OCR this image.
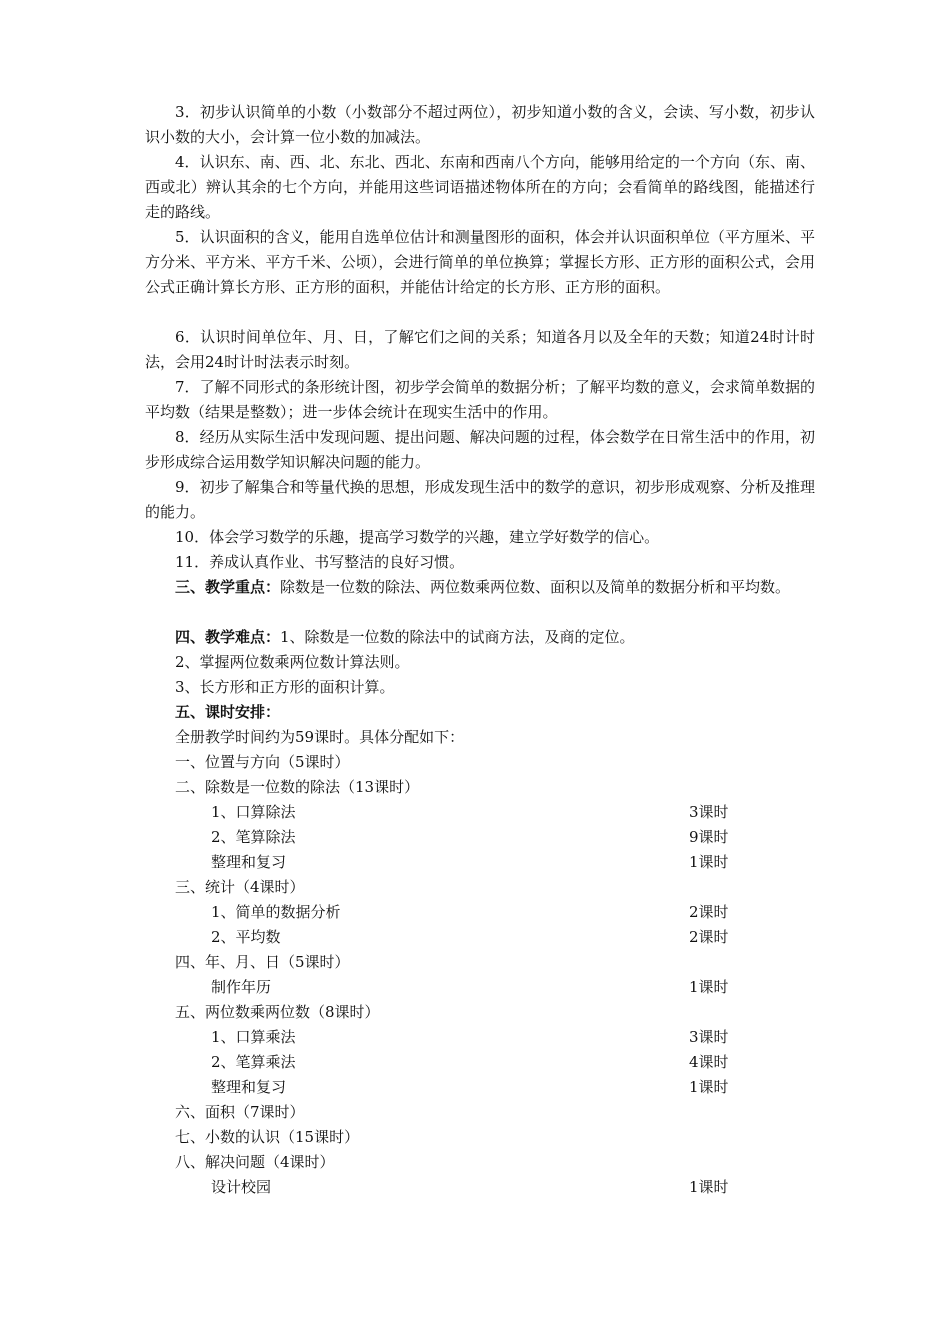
3．初步认识简单的小数（小数部分不超过两位），初步知道小数的含义，会读、写小数，初步认识小数的大小，会计算一位小数的加减法。

4．认识东、南、西、北、东北、西北、东南和西南八个方向，能够用给定的一个方向（东、南、西或北）辨认其余的七个方向，并能用这些词语描述物体所在的方向；会看简单的路线图，能描述行走的路线。

5．认识面积的含义，能用自选单位估计和测量图形的面积，体会并认识面积单位（平方厘米、平方分米、平方米、平方千米、公顷），会进行简单的单位换算；掌握长方形、正方形的面积公式，会用公式正确计算长方形、正方形的面积，并能估计给定的长方形、正方形的面积。

6．认识时间单位年、月、日，了解它们之间的关系；知道各月以及全年的天数；知道24时计时法，会用24时计时法表示时刻。

7．了解不同形式的条形统计图，初步学会简单的数据分析；了解平均数的意义，会求简单数据的平均数（结果是整数）；进一步体会统计在现实生活中的作用。

8．经历从实际生活中发现问题、提出问题、解决问题的过程，体会数学在日常生活中的作用，初步形成综合运用数学知识解决问题的能力。

9．初步了解集合和等量代换的思想，形成发现生活中的数学的意识，初步形成观察、分析及推理的能力。

10．体会学习数学的乐趣，提高学习数学的兴趣，建立学好数学的信心。

11．养成认真作业、书写整洁的良好习惯。

三、教学重点：除数是一位数的除法、两位数乘两位数、面积以及简单的数据分析和平均数。

四、教学难点：1、除数是一位数的除法中的试商方法，及商的定位。

2、掌握两位数乘两位数计算法则。

3、长方形和正方形的面积计算。

五、课时安排：

全册教学时间约为59课时。具体分配如下：

一、位置与方向（5课时）

二、除数是一位数的除法（13课时）

1、口算除法	3课时

2、笔算除法	9课时

整理和复习	1课时

三、统计（4课时）

1、简单的数据分析	2课时

2、平均数	2课时

四、年、月、日（5课时）

制作年历	1课时

五、两位数乘两位数（8课时）

1、口算乘法	3课时

2、笔算乘法	4课时

整理和复习	1课时

六、面积（7课时）

七、小数的认识（15课时）

八、解决问题（4课时）

设计校园	1课时
